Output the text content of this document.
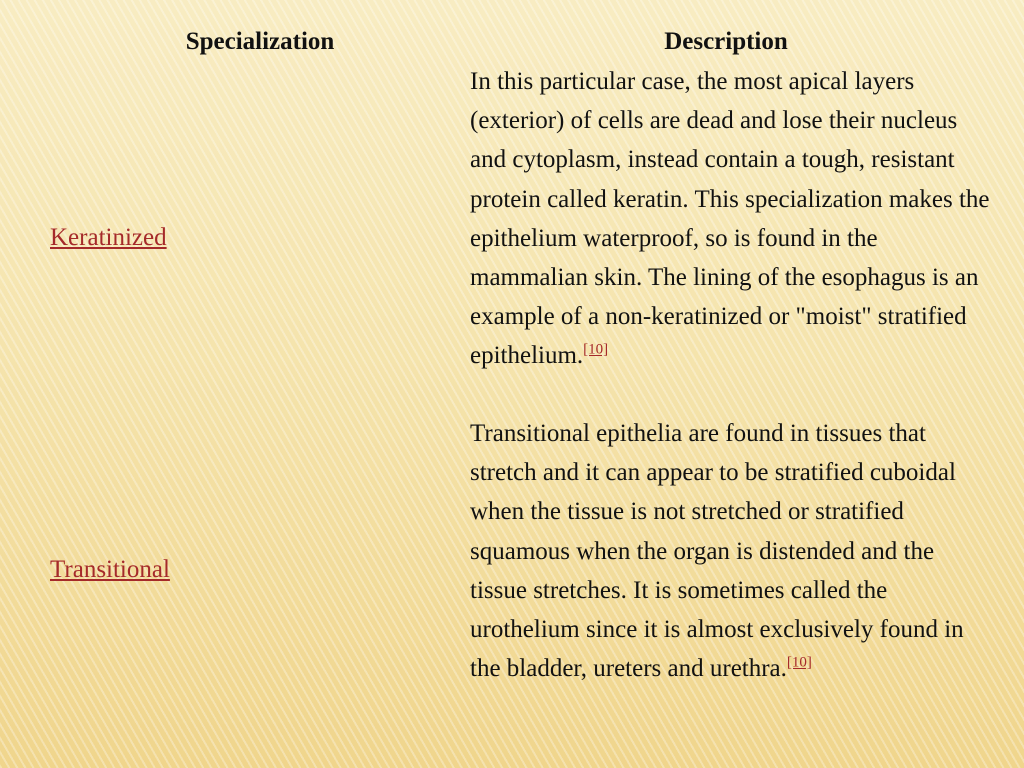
Specialization	Description
Keratinized
In this particular case, the most apical layers (exterior) of cells are dead and lose their nucleus and cytoplasm, instead contain a tough, resistant protein called keratin. This specialization makes the epithelium waterproof, so is found in the mammalian skin. The lining of the esophagus is an example of a non-keratinized or "moist" stratified epithelium.[10]
Transitional
Transitional epithelia are found in tissues that stretch and it can appear to be stratified cuboidal when the tissue is not stretched or stratified squamous when the organ is distended and the tissue stretches. It is sometimes called the urothelium since it is almost exclusively found in the bladder, ureters and urethra.[10]
